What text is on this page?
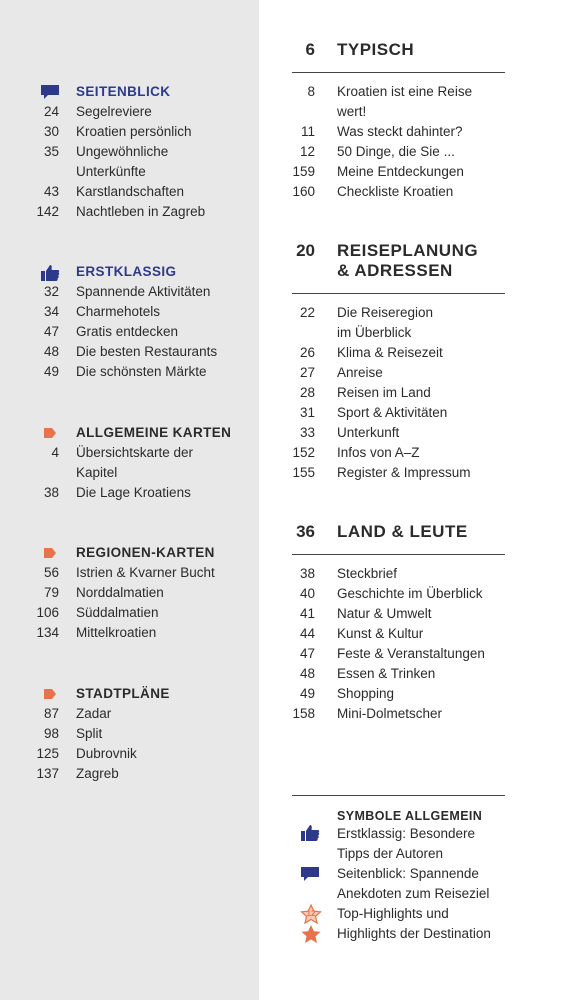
SEITENBLICK
24 Segelreviere
30 Kroatien persönlich
35 Ungewöhnliche Unterkünfte
43 Karstlandschaften
142 Nachtleben in Zagreb
ERSTKLASSIG
32 Spannende Aktivitäten
34 Charmehotels
47 Gratis entdecken
48 Die besten Restaurants
49 Die schönsten Märkte
ALLGEMEINE KARTEN
4 Übersichtskarte der Kapitel
38 Die Lage Kroatiens
REGIONEN-KARTEN
56 Istrien & Kvarner Bucht
79 Norddalmatien
106 Süddalmatien
134 Mittelkroatien
STADTPLÄNE
87 Zadar
98 Split
125 Dubrovnik
137 Zagreb
6 TYPISCH
8 Kroatien ist eine Reise wert!
11 Was steckt dahinter?
12 50 Dinge, die Sie ...
159 Meine Entdeckungen
160 Checkliste Kroatien
20 REISEPLANUNG & ADRESSEN
22 Die Reiseregion im Überblick
26 Klima & Reisezeit
27 Anreise
28 Reisen im Land
31 Sport & Aktivitäten
33 Unterkunft
152 Infos von A–Z
155 Register & Impressum
36 LAND & LEUTE
38 Steckbrief
40 Geschichte im Überblick
41 Natur & Umwelt
44 Kunst & Kultur
47 Feste & Veranstaltungen
48 Essen & Trinken
49 Shopping
158 Mini-Dolmetscher
SYMBOLE ALLGEMEIN
Erstklassig: Besondere Tipps der Autoren
Seitenblick: Spannende Anekdoten zum Reiseziel
12	Top-Highlights und
Highlights der Destination
